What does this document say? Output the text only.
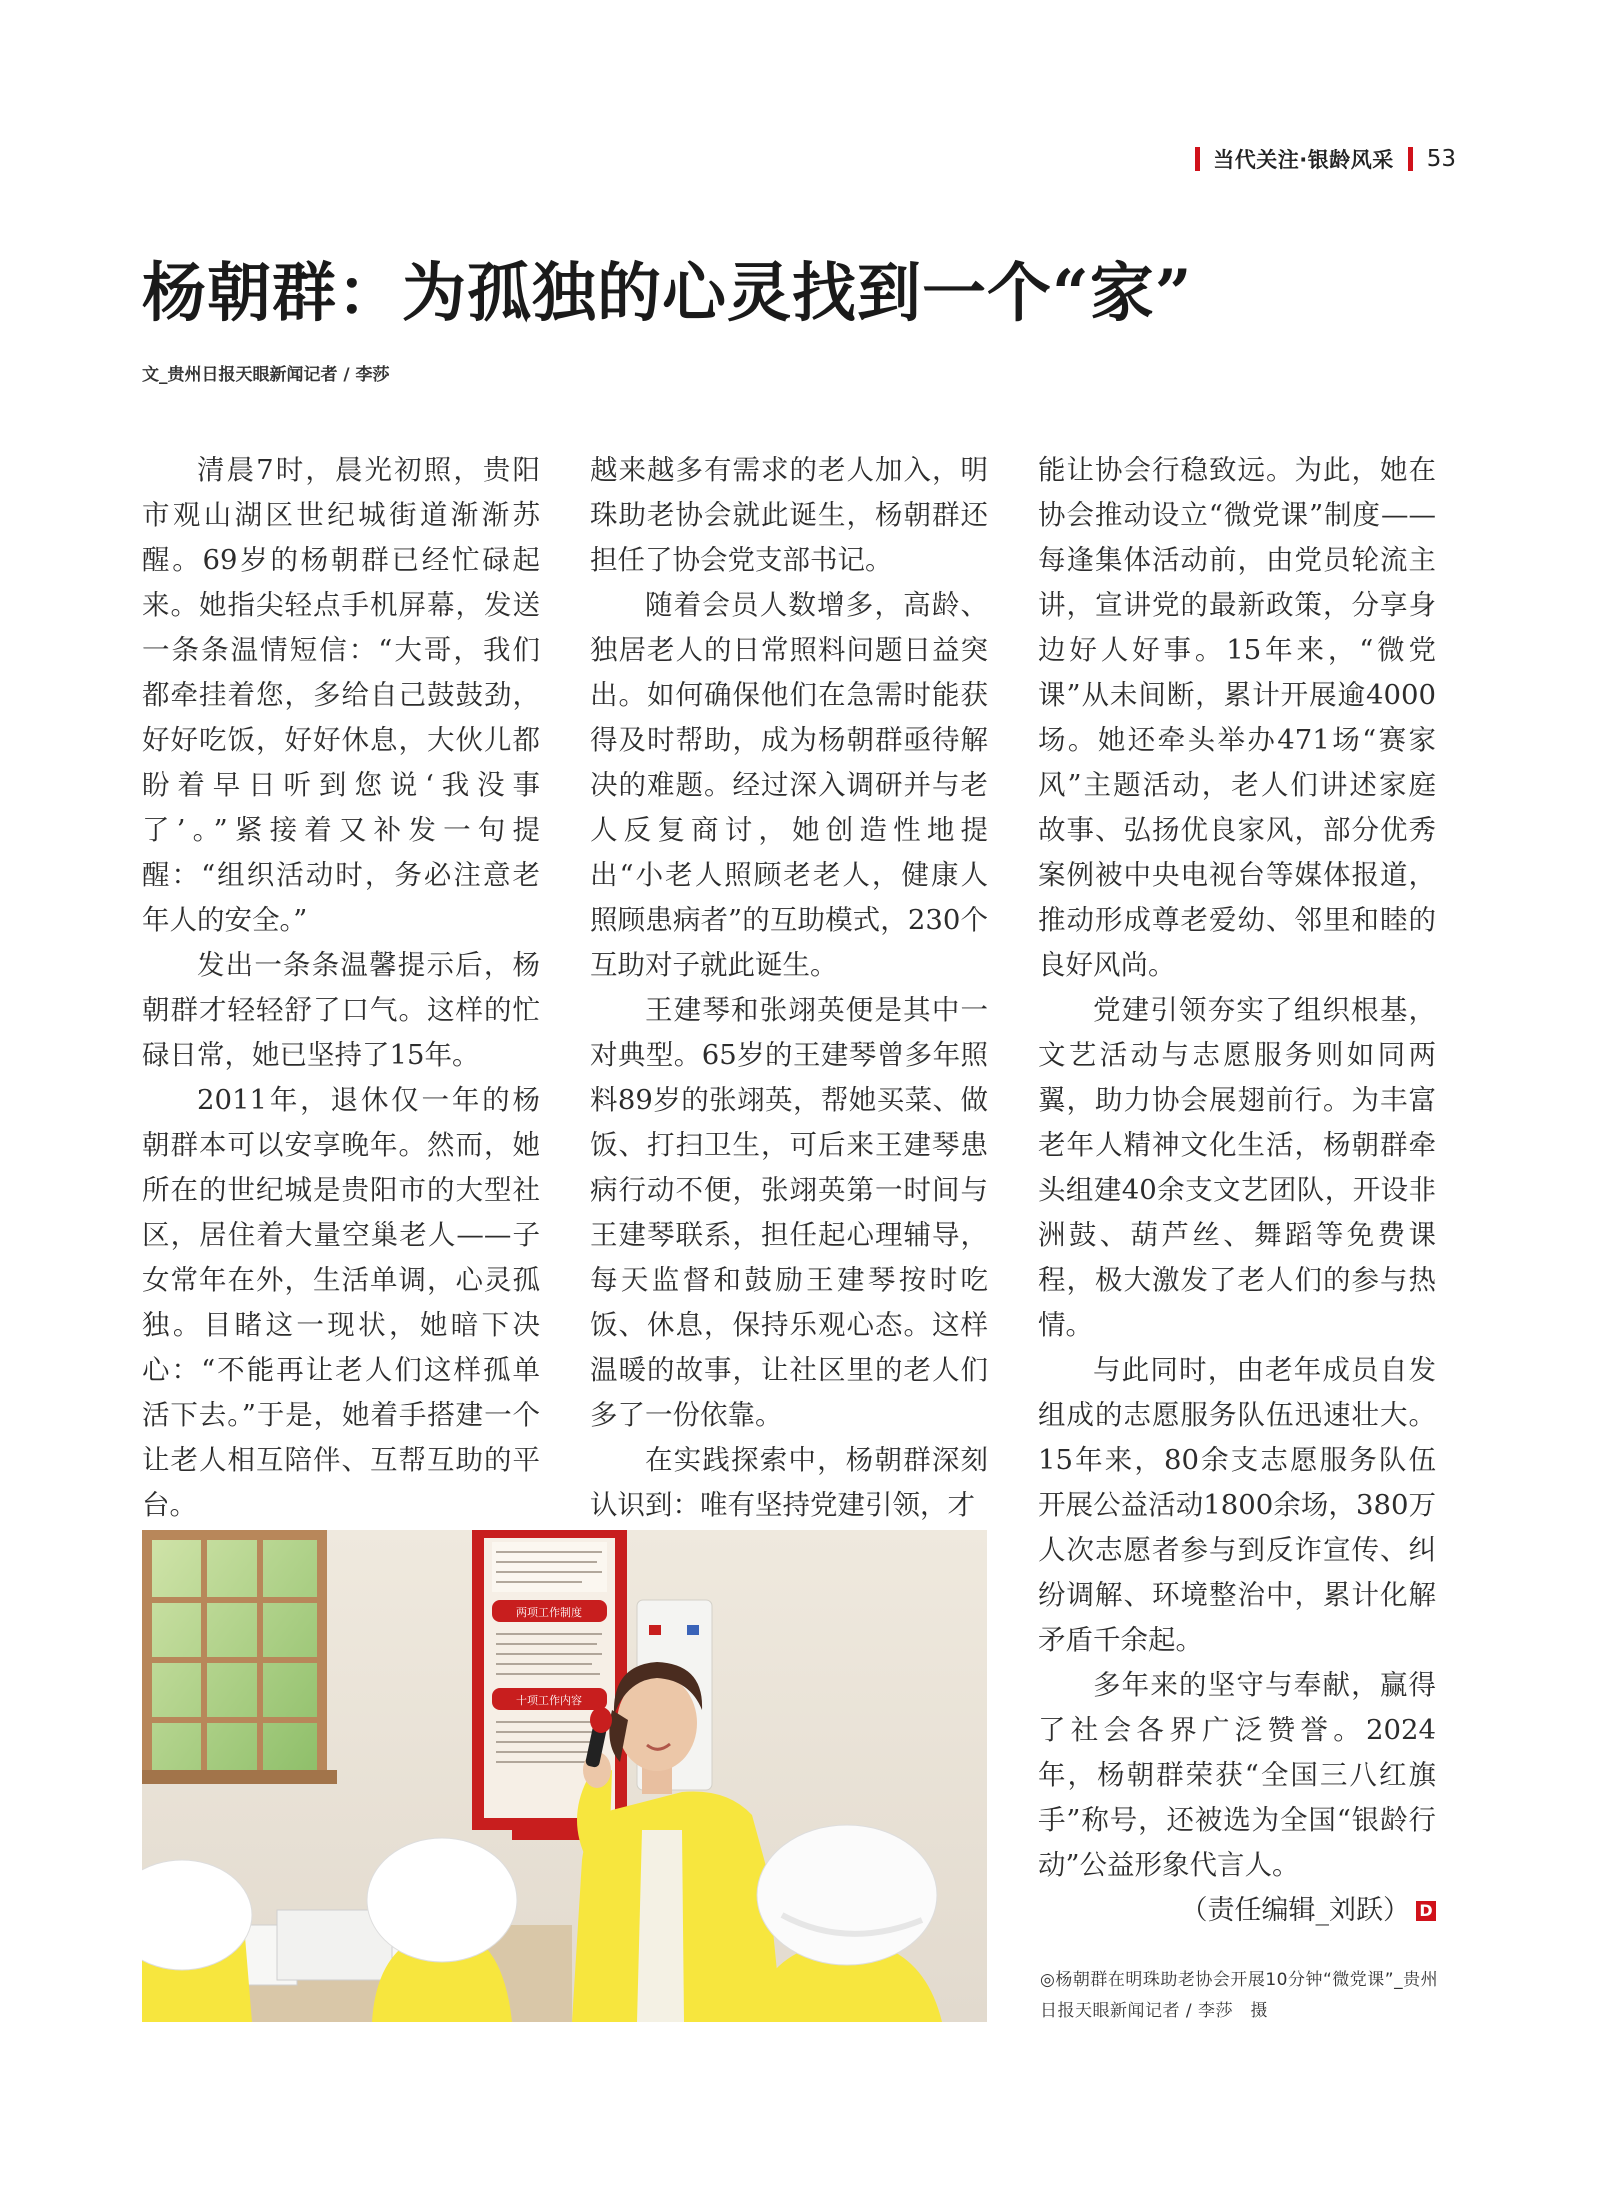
当代关注·银龄风采 53
杨朝群：为孤独的心灵找到一个“家”
文_贵州日报天眼新闻记者 / 李莎

清晨7时，晨光初照，贵阳市观山湖区世纪城街道渐渐苏醒。69岁的杨朝群已经忙碌起来。她指尖轻点手机屏幕，发送一条条温情短信：“大哥，我们都牵挂着您，多给自己鼓鼓劲，好好吃饭，好好休息，大伙儿都盼着早日听到您说‘我没事了’。”紧接着又补发一句提醒：“组织活动时，务必注意老年人的安全。”

发出一条条温馨提示后，杨朝群才轻轻舒了口气。这样的忙碌日常，她已坚持了15年。

2011年，退休仅一年的杨朝群本可以安享晚年。然而，她所在的世纪城是贵阳市的大型社区，居住着大量空巢老人——子女常年在外，生活单调，心灵孤独。目睹这一现状，她暗下决心：“不能再让老人们这样孤单活下去。”于是，她着手搭建一个让老人相互陪伴、互帮互助的平台。

越来越多有需求的老人加入，明珠助老协会就此诞生，杨朝群还担任了协会党支部书记。

随着会员人数增多，高龄、独居老人的日常照料问题日益突出。如何确保他们在急需时能获得及时帮助，成为杨朝群亟待解决的难题。经过深入调研并与老人反复商讨，她创造性地提出“小老人照顾老老人，健康人照顾患病者”的互助模式，230个互助对子就此诞生。

王建琴和张翊英便是其中一对典型。65岁的王建琴曾多年照料89岁的张翊英，帮她买菜、做饭、打扫卫生，可后来王建琴患病行动不便，张翊英第一时间与王建琴联系，担任起心理辅导，每天监督和鼓励王建琴按时吃饭、休息，保持乐观心态。这样温暖的故事，让社区里的老人们多了一份依靠。

在实践探索中，杨朝群深刻认识到：唯有坚持党建引领，才

能让协会行稳致远。为此，她在协会推动设立“微党课”制度——每逢集体活动前，由党员轮流主讲，宣讲党的最新政策，分享身边好人好事。15年来，“微党课”从未间断，累计开展逾4000场。她还牵头举办471场“赛家风”主题活动，老人们讲述家庭故事、弘扬优良家风，部分优秀案例被中央电视台等媒体报道，推动形成尊老爱幼、邻里和睦的良好风尚。

党建引领夯实了组织根基，文艺活动与志愿服务则如同两翼，助力协会展翅前行。为丰富老年人精神文化生活，杨朝群牵头组建40余支文艺团队，开设非洲鼓、葫芦丝、舞蹈等免费课程，极大激发了老人们的参与热情。

与此同时，由老年成员自发组成的志愿服务队伍迅速壮大。15年来，80余支志愿服务队伍开展公益活动1800余场，380万人次志愿者参与到反诈宣传、纠纷调解、环境整治中，累计化解矛盾千余起。

多年来的坚守与奉献，赢得了社会各界广泛赞誉。2024年，杨朝群荣获“全国三八红旗手”称号，还被选为全国“银龄行动”公益形象代言人。

（责任编辑_刘跃） D
两项工作制度
十项工作内容
◎杨朝群在明珠助老协会开展10分钟“微党课”_贵州日报天眼新闻记者 / 李莎　摄
